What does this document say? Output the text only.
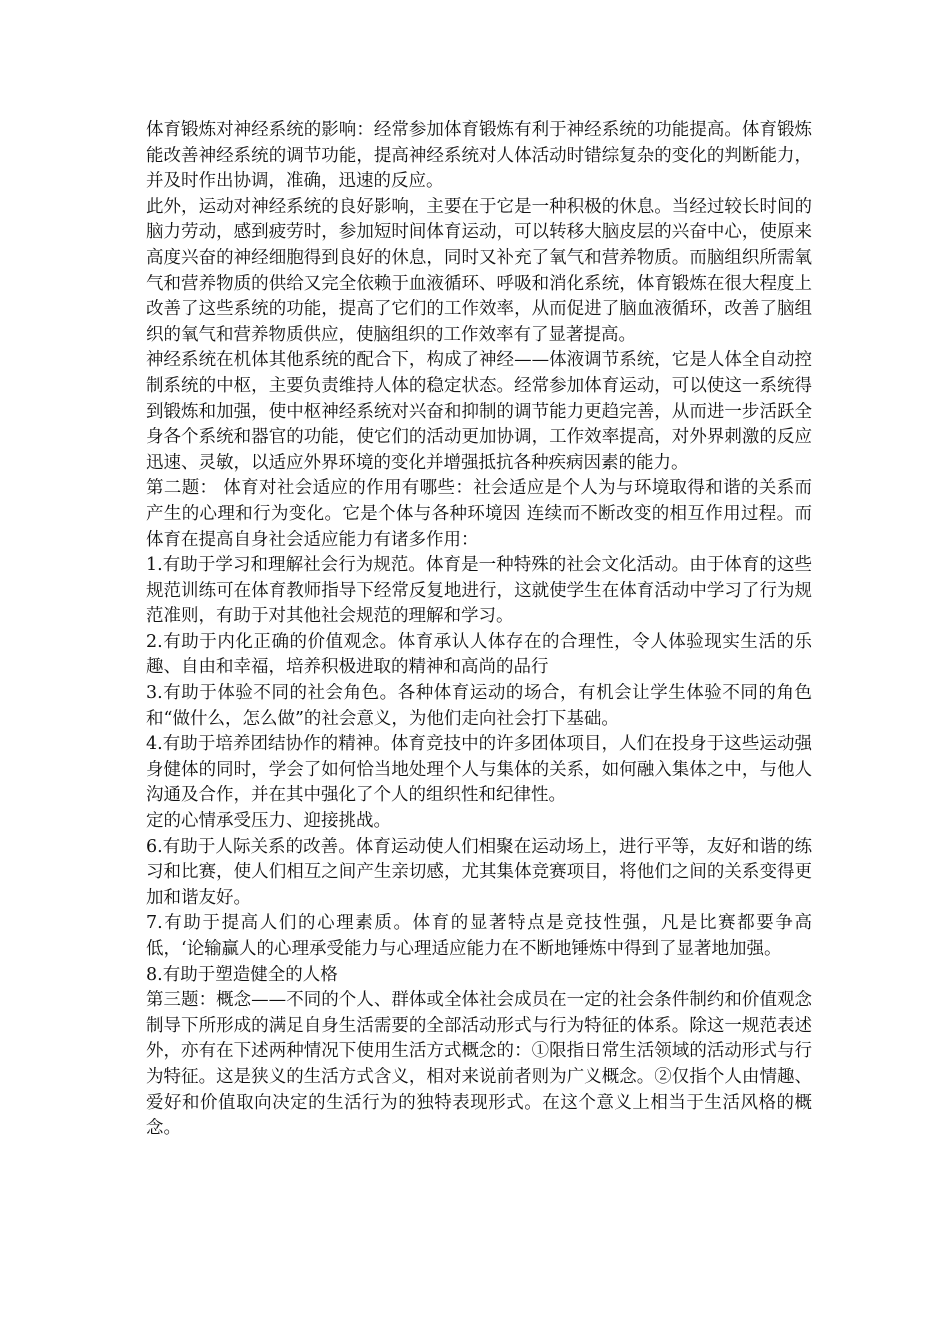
体育锻炼对神经系统的影响：经常参加体育锻炼有利于神经系统的功能提高。体育锻炼能改善神经系统的调节功能，提高神经系统对人体活动时错综复杂的变化的判断能力，并及时作出协调，准确，迅速的反应。

此外，运动对神经系统的良好影响，主要在于它是一种积极的休息。当经过较长时间的脑力劳动，感到疲劳时，参加短时间体育运动，可以转移大脑皮层的兴奋中心，使原来高度兴奋的神经细胞得到良好的休息，同时又补充了氧气和营养物质。而脑组织所需氧气和营养物质的供给又完全依赖于血液循环、呼吸和消化系统，体育锻炼在很大程度上改善了这些系统的功能，提高了它们的工作效率，从而促进了脑血液循环，改善了脑组织的氧气和营养物质供应，使脑组织的工作效率有了显著提高。

神经系统在机体其他系统的配合下，构成了神经——体液调节系统，它是人体全自动控制系统的中枢，主要负责维持人体的稳定状态。经常参加体育运动，可以使这一系统得到锻炼和加强，使中枢神经系统对兴奋和抑制的调节能力更趋完善，从而进一步活跃全身各个系统和器官的功能，使它们的活动更加协调，工作效率提高，对外界刺激的反应迅速、灵敏，以适应外界环境的变化并增强抵抗各种疾病因素的能力。

第二题： 体育对社会适应的作用有哪些：社会适应是个人为与环境取得和谐的关系而产生的心理和行为变化。它是个体与各种环境因 连续而不断改变的相互作用过程。而体育在提高自身社会适应能力有诸多作用：

1.有助于学习和理解社会行为规范。体育是一种特殊的社会文化活动。由于体育的这些规范训练可在体育教师指导下经常反复地进行，这就使学生在体育活动中学习了行为规范准则，有助于对其他社会规范的理解和学习。

2.有助于内化正确的价值观念。体育承认人体存在的合理性，令人体验现实生活的乐趣、自由和幸福，培养积极进取的精神和高尚的品行

3.有助于体验不同的社会角色。各种体育运动的场合，有机会让学生体验不同的角色和“做什么，怎么做”的社会意义，为他们走向社会打下基础。

4.有助于培养团结协作的精神。体育竞技中的许多团体项目，人们在投身于这些运动强身健体的同时，学会了如何恰当地处理个人与集体的关系，如何融入集体之中，与他人沟通及合作，并在其中强化了个人的组织性和纪律性。

定的心情承受压力、迎接挑战。

6.有助于人际关系的改善。体育运动使人们相聚在运动场上，进行平等，友好和谐的练习和比赛，使人们相互之间产生亲切感，尤其集体竞赛项目，将他们之间的关系变得更加和谐友好。

7.有助于提高人们的心理素质。体育的显著特点是竞技性强，凡是比赛都要争高低，‘论输赢人的心理承受能力与心理适应能力在不断地锤炼中得到了显著地加强。

8.有助于塑造健全的人格

第三题：概念——不同的个人、群体或全体社会成员在一定的社会条件制约和价值观念制导下所形成的满足自身生活需要的全部活动形式与行为特征的体系。除这一规范表述外，亦有在下述两种情况下使用生活方式概念的：①限指日常生活领域的活动形式与行为特征。这是狭义的生活方式含义，相对来说前者则为广义概念。②仅指个人由情趣、爱好和价值取向决定的生活行为的独特表现形式。在这个意义上相当于生活风格的概念。
